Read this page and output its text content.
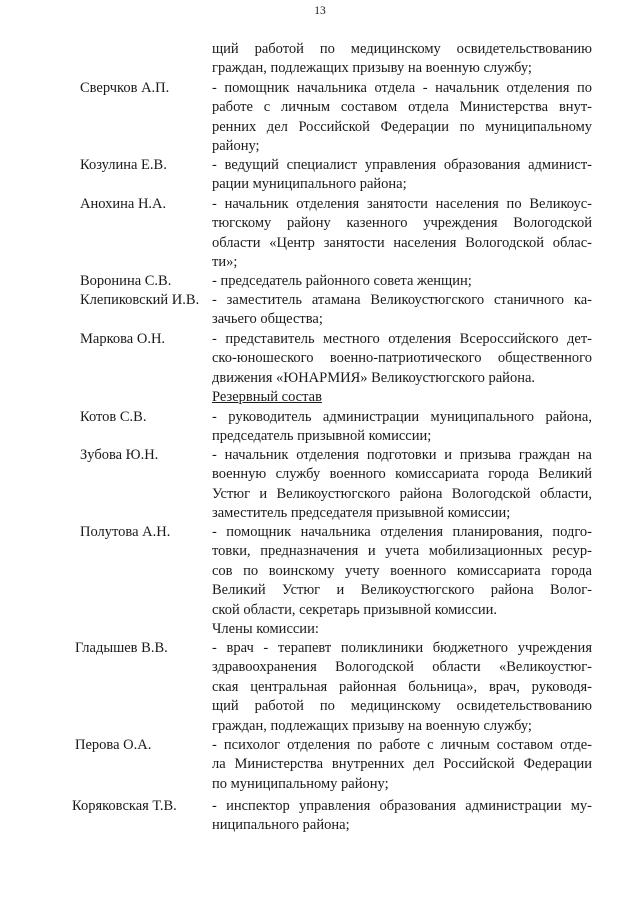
13
щий работой по медицинскому освидетельствованию
граждан, подлежащих призыву на военную службу;
Сверчков А.П.	- помощник начальника отдела - начальник отделения по
работе с личным составом отдела Министерства внут-
ренних дел Российской Федерации по муниципальному
району;
Козулина Е.В.	- ведущий специалист управления образования админист-
рации муниципального района;
Анохина Н.А.	- начальник отделения занятости населения по Великоус-
тюгскому району казенного учреждения Вологодской
области «Центр занятости населения Вологодской облас-
ти»;
Воронина С.В.	- председатель районного совета женщин;
Клепиковский И.В. - заместитель атамана Великоустюгского станичного ка-
зачьего общества;
Маркова О.Н.	- представитель местного отделения Всероссийского дет-
ско-юношеского военно-патриотического общественного
движения «ЮНАРМИЯ» Великоустюгского района.
Резервный состав
Котов С.В.	- руководитель администрации муниципального района,
председатель призывной комиссии;
Зубова Ю.Н.	- начальник отделения подготовки и призыва граждан на
военную службу военного комиссариата города Великий
Устюг и Великоустюгского района Вологодской области,
заместитель председателя призывной комиссии;
Полутова А.Н.	- помощник начальника отделения планирования, подго-
товки, предназначения и учета мобилизационных ресур-
сов по воинскому учету военного комиссариата города
Великий Устюг и Великоустюгского района Волог-
ской области, секретарь призывной комиссии.
Члены комиссии:
Гладышев В.В.	- врач - терапевт поликлиники бюджетного учреждения
здравоохранения Вологодской области «Великоустюг-
ская центральная районная больница», врач, руководя-
щий работой по медицинскому освидетельствованию
граждан, подлежащих призыву на военную службу;
Перова О.А.	- психолог отделения по работе с личным составом отде-
ла Министерства внутренних дел Российской Федерации
по муниципальному району;
Коряковская Т.В. - инспектор управления образования администрации му-
ниципального района;
